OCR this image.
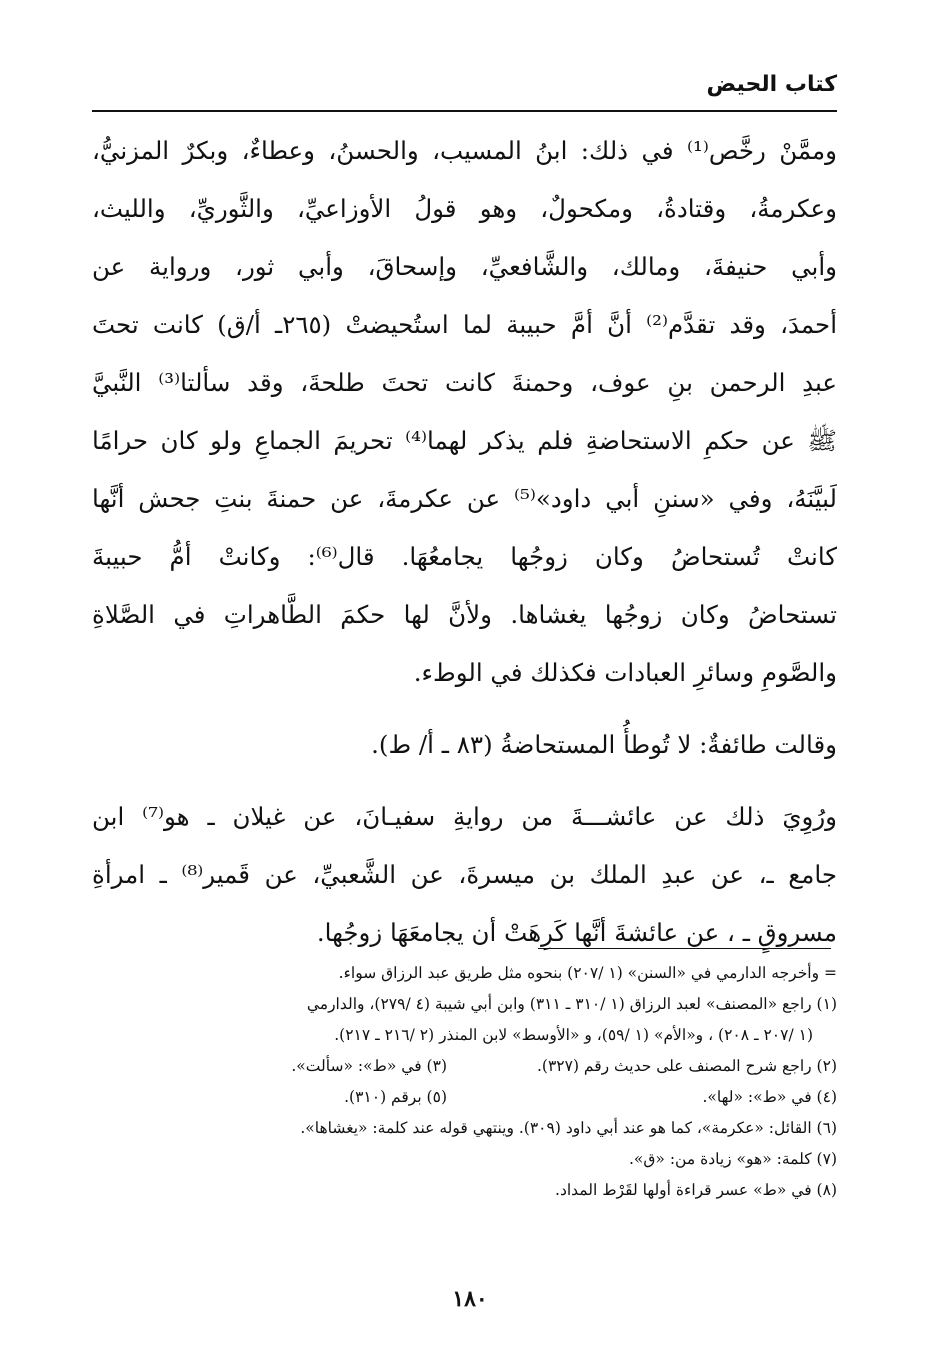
كتاب الحيض
وممَّنْ رخَّص⁽¹⁾ في ذلك: ابنُ المسيب، والحسنُ، وعطاءٌ، وبكرٌ المزنيُّ،
وعكرمةُ، وقتادةُ، ومكحولٌ، وهو قولُ الأوزاعيِّ، والثَّوريِّ، والليث،
وأبي حنيفةَ، ومالك، والشَّافعيِّ، وإسحاقَ، وأبي ثور، ورواية عن
أحمدَ، وقد تقدَّم⁽²⁾ أنَّ أمَّ حبيبة لما استُحيضتْ (٢٦٥ـ أ/ق) كانت تحتَ
عبدِ الرحمن بنِ عوف، وحمنةَ كانت تحتَ طلحةَ، وقد سألتا⁽³⁾ النَّبيَّ
ﷺ عن حكمِ الاستحاضةِ فلم يذكر لهما⁽⁴⁾ تحريمَ الجماعِ ولو كان حرامًا
لَبيَّنَهُ، وفي «سننِ أبي داود»⁽⁵⁾ عن عكرمةَ، عن حمنةَ بنتِ جحش أنَّها
كانتْ تُستحاضُ وكان زوجُها يجامعُهَا. قال⁽⁶⁾: وكانتْ أمُّ حبيبةَ
تستحاضُ وكان زوجُها يغشاها. ولأنَّ لها حكمَ الطَّاهراتِ في الصَّلاةِ
والصَّومِ وسائرِ العبادات فكذلك في الوطء.
وقالت طائفةٌ: لا تُوطأُ المستحاضةُ (٨٣ ـ أ/ ط).
ورُوِيَ ذلك عن عائشـــةَ من روايةِ سفيـانَ، عن غيلان ـ هو⁽⁷⁾ ابن
جامع ـ، عن عبدِ الملك بن ميسرةَ، عن الشَّعبيِّ، عن قَمير⁽⁸⁾ ـ امرأةِ
مسروقٍ ـ ، عن عائشةَ أنَّها كَرِهَتْ أن يجامعَهَا زوجُها.
= وأخرجه الدارمي في «السنن» (١ /٢٠٧) بنحوه مثل طريق عبد الرزاق سواء.
(١) راجع «المصنف» لعبد الرزاق (١ /٣١٠ ـ ٣١١) وابن أبي شيبة (٤ /٢٧٩)، والدارمي
(١ /٢٠٧ ـ ٢٠٨) ، و«الأم» (١ /٥٩)، و «الأوسط» لابن المنذر (٢ /٢١٦ ـ ٢١٧).
(٢) راجع شرح المصنف على حديث رقم (٣٢٧).
(٣) في «ط»: «سألت».
(٤) في «ط»: «لها».
(٥) برقم (٣١٠).
(٦) القائل: «عكرمة»، كما هو عند أبي داود (٣٠٩). وينتهي قوله عند كلمة: «يغشاها».
(٧) كلمة: «هو» زيادة من: «ق».
(٨) في «ط» عسر قراءة أولها لقَرْط المداد.
١٨٠
